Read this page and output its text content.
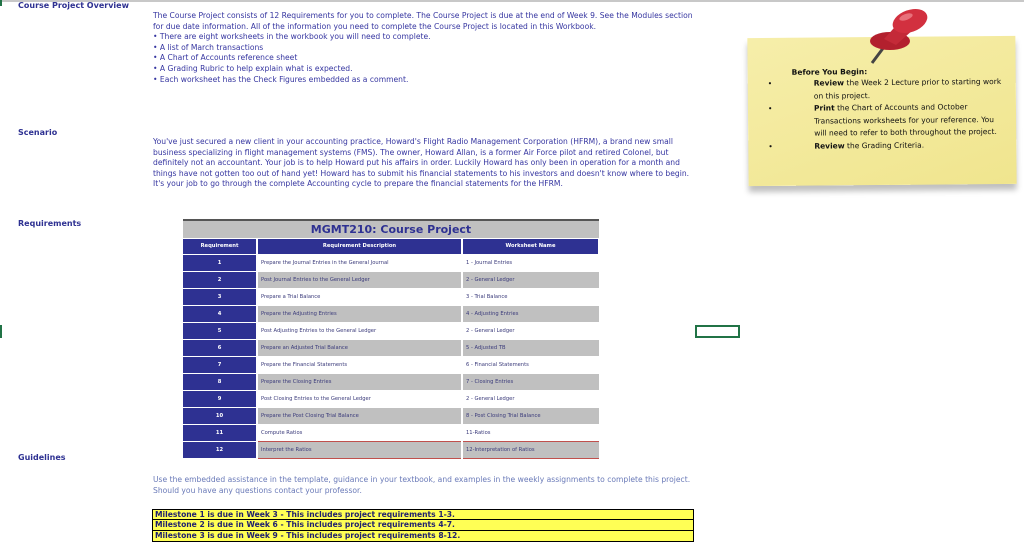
Course Project Overview
Scenario
Requirements
Guidelines
The Course Project consists of 12 Requirements for you to complete. The Course Project is due at the end of Week 9. See the Modules section for due date information. All of the information you need to complete the Course Project is located in this Workbook.
• There are eight worksheets in the workbook you will need to complete.
• A list of March transactions
• A Chart of Accounts reference sheet
• A Grading Rubric to help explain what is expected.
• Each worksheet has the Check Figures embedded as a comment.
You've just secured a new client in your accounting practice, Howard's Flight Radio Management Corporation (HFRM), a brand new small business specializing in flight management systems (FMS). The owner, Howard Allan, is a former Air Force pilot and retired Colonel, but definitely not an accountant. Your job is to help Howard put his affairs in order. Luckily Howard has only been in operation for a month and things have not gotten too out of hand yet! Howard has to submit his financial statements to his investors and doesn't know where to begin. It's your job to go through the complete Accounting cycle to prepare the financial statements for the HFRM.
MGMT210: Course Project		
Requirement	Requirement Description	Worksheet Name
1	Prepare the Journal Entries in the General Journal	1 - Journal Entries
2	Post Journal Entries to the General Ledger	2 - General Ledger
3	Prepare a Trial Balance	3 - Trial Balance
4	Prepare the Adjusting Entries	4 - Adjusting Entries
5	Post Adjusting Entries to the General Ledger	2 - General Ledger
6	Prepare an Adjusted Trial Balance	5 - Adjusted TB
7	Prepare the Financial Statements	6 - Financial Statements
8	Prepare the Closing Entries	7 - Closing Entries
9	Post Closing Entries to the General Ledger	2 - General Ledger
10	Prepare the Post Closing Trial Balance	8 - Post Closing Trial Balance
11	Compute Ratios	11-Ratios
12	Interpret the Ratios	12-Interpretation of Ratios
Use the embedded assistance in the template, guidance in your textbook, and examples in the weekly assignments to complete this project. Should you have any questions contact your professor.
Milestone 1 is due in Week 3 - This includes project requirements 1-3.
Milestone 2 is due in Week 6 - This includes project requirements 4-7.
Milestone 3 is due in Week 9 - This includes project requirements 8-12.
Before You Begin:
• Review the Week 2 Lecture prior to starting work on this project.
• Print the Chart of Accounts and October Transactions worksheets for your reference. You will need to refer to both throughout the project.
• Review the Grading Criteria.
